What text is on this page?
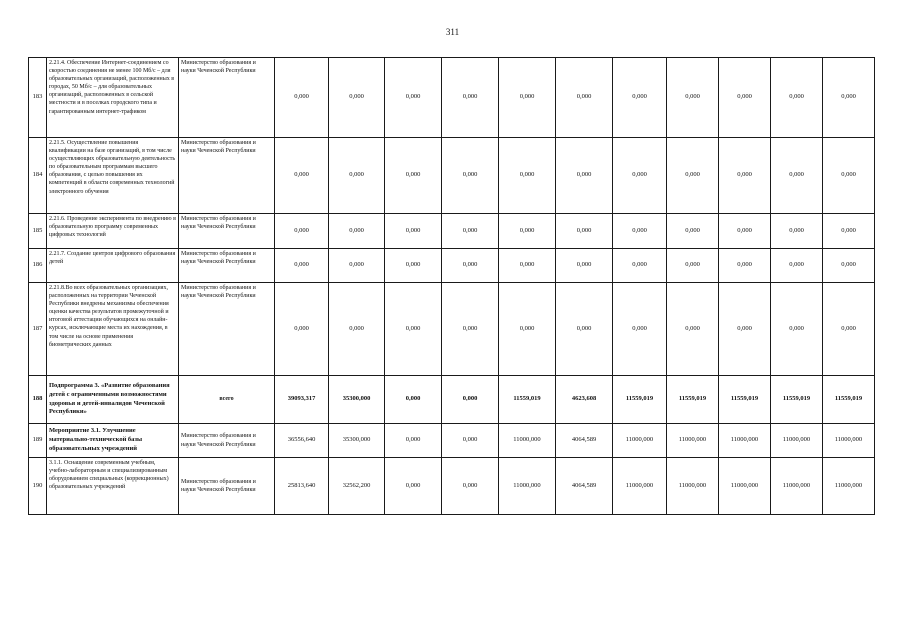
311
183	2.21.4. Обеспечение Интернет-соединением со скоростью соединения не менее 100 Мб/с – для образовательных организаций, расположенных в городах, 50 Мб/с – для образовательных организаций, расположенных в сельской местности и в поселках городского типа и гарантированным интернет-трафиком	Министерство образования и науки Чеченской Республики	0,000	0,000	0,000	0,000	0,000	0,000	0,000	0,000	0,000	0,000	0,000
184	2.21.5. Осуществление повышения квалификации на базе организаций, в том числе осуществляющих образовательную деятельность по образовательным программам высшего образования, с целью повышения их компетенций в области современных технологий электронного обучения	Министерство образования и науки Чеченской Республики	0,000	0,000	0,000	0,000	0,000	0,000	0,000	0,000	0,000	0,000	0,000
185	2.21.6. Проведение эксперимента по внедрению в образовательную программу современных цифровых технологий	Министерство образования и науки Чеченской Республики	0,000	0,000	0,000	0,000	0,000	0,000	0,000	0,000	0,000	0,000	0,000
186	2.21.7. Создание центров цифрового образования детей	Министерство образования и науки Чеченской Республики	0,000	0,000	0,000	0,000	0,000	0,000	0,000	0,000	0,000	0,000	0,000
187	2.21.8.Во всех образовательных организациях, расположенных на территории Чеченской Республики внедрены механизмы обеспечения оценки качества результатов промежуточной и итоговой аттестации обучающихся на онлайн-курсах, исключающие места их нахождения, в том числе на основе применения биометрических данных	Министерство образования и науки Чеченской Республики	0,000	0,000	0,000	0,000	0,000	0,000	0,000	0,000	0,000	0,000	0,000
188	Подпрограмма 3. «Развитие образования детей с ограниченными возможностями здоровья и детей-инвалидов Чеченской Республики»	всего	39093,317	35300,000	0,000	0,000	11559,019	4623,608	11559,019	11559,019	11559,019	11559,019	11559,019
189	Мероприятие 3.1. Улучшение материально-технической базы образовательных учреждений	Министерство образования и науки Чеченской Республики	36556,640	35300,000	0,000	0,000	11000,000	4064,589	11000,000	11000,000	11000,000	11000,000	11000,000
190	3.1.1. Оснащение современным учебным, учебно-лабораторным и специализированным оборудованием специальных (коррекционных) образовательных учреждений	Министерство образования и науки Чеченской Республики	25813,640	32562,200	0,000	0,000	11000,000	4064,589	11000,000	11000,000	11000,000	11000,000	11000,000
